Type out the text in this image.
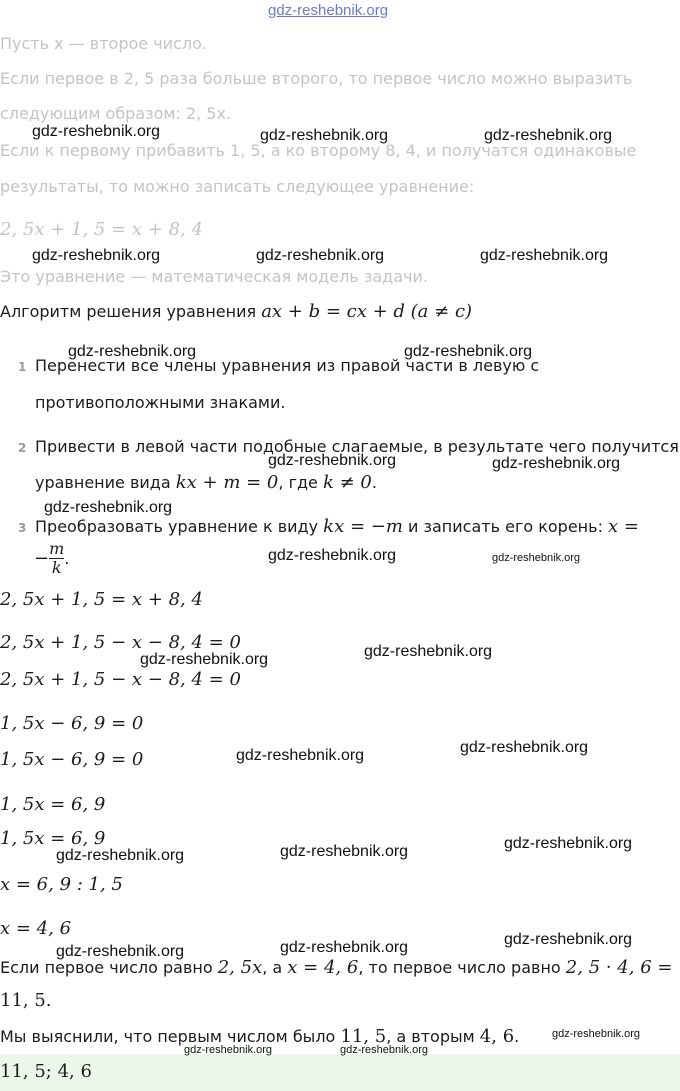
gdz-reshebnik.org
Пусть x — второе число.
Если первое в 2, 5 раза больше второго, то первое число можно выразить
следующим образом: 2, 5x.
Если к первому прибавить 1, 5, а ко второму 8, 4, и получатся одинаковые
результаты, то можно записать следующее уравнение:
2, 5x + 1, 5 = x + 8, 4
Это уравнение — математическая модель задачи.
Алгоритм решения уравнения ax + b = cx + d (a ≠ c)
1 Перенести все члены уравнения из правой части в левую с
противоположными знаками.
2 Привести в левой части подобные слагаемые, в результате чего получится
уравнение вида kx + m = 0, где k ≠ 0.
3 Преобразовать уравнение к виду kx = −m и записать его корень: x =
$-\frac{m}{k}$ .
2, 5x + 1, 5 = x + 8, 4
2, 5x + 1, 5 − x − 8, 4 = 0
2, 5x + 1, 5 − x − 8, 4 = 0
1, 5x − 6, 9 = 0
1, 5x − 6, 9 = 0
1, 5x = 6, 9
1, 5x = 6, 9
x = 6, 9 : 1, 5
x = 4, 6
Если первое число равно 2, 5x, а x = 4, 6, то первое число равно 2, 5 · 4, 6 =
11, 5.
Мы выяснили, что первым числом было 11, 5, а вторым 4, 6.
11, 5; 4, 6
gdz-reshebnik.org	gdz-reshebnik.org	gdz-reshebnik.org
gdz-reshebnik.org	gdz-reshebnik.org	gdz-reshebnik.org
gdz-reshebnik.org	gdz-reshebnik.org
gdz-reshebnik.org	gdz-reshebnik.org
gdz-reshebnik.org
gdz-reshebnik.org	gdz-reshebnik.org
gdz-reshebnik.org	gdz-reshebnik.org
gdz-reshebnik.org	gdz-reshebnik.org
gdz-reshebnik.org	gdz-reshebnik.org	gdz-reshebnik.org
gdz-reshebnik.org	gdz-reshebnik.org	gdz-reshebnik.org
gdz-reshebnik.org
gdz-reshebnik.org	gdz-reshebnik.org
